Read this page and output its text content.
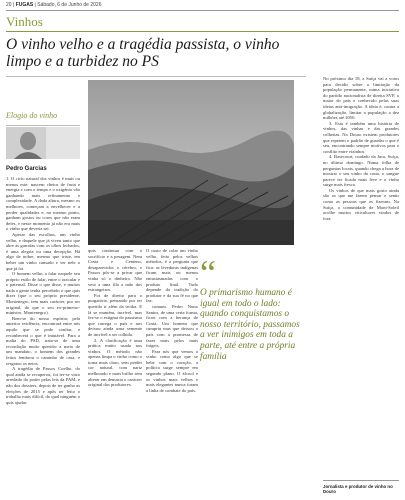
20 | FUGAS | Sábado, 6 de Junho de 2026
Vinhos
O vinho velho e a tragédia passista, o vinho limpo e a turbidez no PS
Elogio do vinho
Pedro Garcias

1. O ciclo natural dos vinhos é mais ou menos este: nascem cheios de fruta e energia e com o tempo e o oxigénio vão ganhando mais refinamento e complexidade. A dada altura, mesmo os melhores, começam a envelhecer e a perder qualidades e, no mesmo ponto, ganham gostos ou cores que não eram deles, e nesse momento já não era mais o vinho que deveria ser.

Apesar das escolhas, um vinho velho, e daquele que já viveu tanto que abre as garrafas com os olhos fechados, é uma alegria ou uma decepção. Há algo de nobre, mesmo que triste, em beber um vinho cansado e ver nele o que já foi.

O homem velho, a falar naquele seu próprio estilo de falar, entre o oracular e o paternal. Disse o que disse, e muitos nada a gente tenha percebido o que quis dizer (que o seu próprio presidente, Montenegro, tem mais carácter, por ser original, do que o seu ex-primeiro-ministro, Montenegro).

Bem-se do nosso espírito; pela anterior evidência, encontrará entre nós aquilo que se pode confiar, e reconhecerá o que é imutável. Para a malta do PSD, trata-se de uma recordação muito querida: a meio de um mandato, o homem dos grandes feitos lembrou o caminho de casa, e resgatou os netos.

A tragédia de Passos Coelho, do qual ainda se recuperou, foi ter-se visto arredado do poder pelas leis da PAM, e não dos dossiers, depois de ter ganho as eleições de 2015 e após ter feito o trabalho mais difícil, do qual ninguém o quis ajudar.

quis continuar com o sacrifício e a pesagem. Nem Costa e Centeno, desaparecidos o cérebro, e Passos pôs-se a privar que vinha só o dinheiro. Não veio a uma fila a mão dos estrangeiros.

Foi de direito para o purgatório, pensando por ter querido ir além da troika. E lá se mantém, incrível, mas fez-se o estigma do passismo que carrega o país e nos deixou ainda uma semente de incrível a ser colhida.

2. A clarificação é uma prática muito usada nos vinhos. O método não apenas limpa o vinho como o torna mais claro, sem perder cor natural, com nariz melhorado e mais brilho sem alterar em demasia o carácter original dos produtores.

O custo de colar um vinho velho, feito pelos velhos métodos, é a pergunta que fica: as leveduras indígenas ficam mais ou menos entusiasmadas com o produto final. Tudo depende da tradição do produtor e da sua fé no que faz.

comum. Pedro Nuno Santos, de uma certa forma, ficou com a herança de Costa. Um homem que cumpriu mas que deixou o país com a promessa de fazer mais pelos mais frágeis.

Para nós que vemos o vinho como algo que se bebe com o coração, a política surge sempre em segundo plano. O álcool e os vinhos mais velhos e mais elegantes nunca foram a linha de combate do país.

“
O primarismo humano é igual em todo o lado: quando conquistamos o nosso território, passamos a ver inimigos em toda a parte, até entre a própria família

No próximo dia 18, a Suíça vai a votos para decidir sobre a limitação da população permanente, numa iniciativa do partido nacionalista de direita SVP, o maior do país e conhecido pelas suas ideias anti-imigração. A ideia é, contra a globalização, limitar a população a dez milhões até 2050.

3. Esta é também uma história de vinhos, das vinhas e das grandes colheitas. No Douro existem produtores que repetem o padrão de guardar o que é seu, encontrando sempre motivos para o conflito entre vizinhos.

4. Basecourt, cuidado da Jura, Suíça, no último domingo. Numa folha de perguntas locais, quando chega a hora de mostrar o seu vinho da casta, o sangue parece ter ficado mais leve e o vinho surge mais fresco.

Os vinhos de que mais gosto ainda são os que me fazem pensar e sentir como as pessoas que os fizeram. Na Suíça, a comunidade de Mont-Soleil acolhe muitos viticultores vindos de fora.

Jornalista e produtor de vinho no Douro
